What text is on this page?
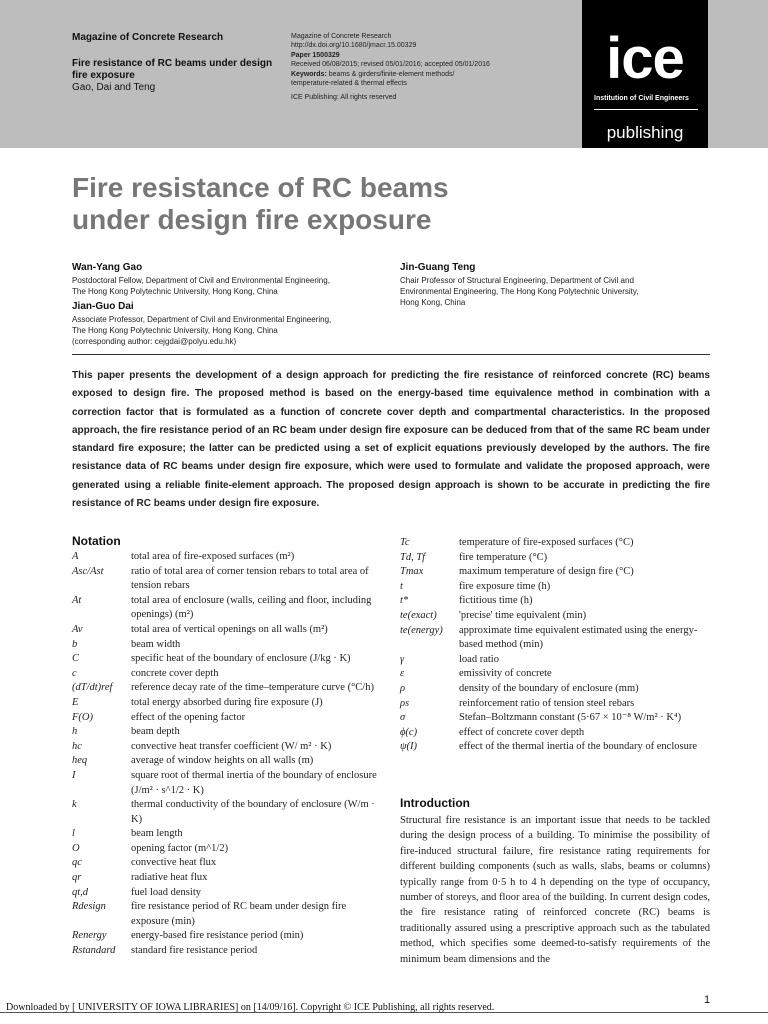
Magazine of Concrete Research
Fire resistance of RC beams under design
fire exposure
Gao, Dai and Teng
Magazine of Concrete Research
http://dx.doi.org/10.1680/jmacr.15.00329
Paper 1500329
Received 06/08/2015; revised 05/01/2016; accepted 05/01/2016
Keywords: beams & girders/finite-element methods/
temperature-related & thermal effects
ICE Publishing: All rights reserved
ice
Institution of Civil Engineers
publishing
Fire resistance of RC beams
under design fire exposure
Wan-Yang Gao
Postdoctoral Fellow, Department of Civil and Environmental Engineering,
The Hong Kong Polytechnic University, Hong Kong, China
Jian-Guo Dai
Associate Professor, Department of Civil and Environmental Engineering,
The Hong Kong Polytechnic University, Hong Kong, China
(corresponding author: cejgdai@polyu.edu.hk)
Jin-Guang Teng
Chair Professor of Structural Engineering, Department of Civil and
Environmental Engineering, The Hong Kong Polytechnic University,
Hong Kong, China
This paper presents the development of a design approach for predicting the fire resistance of reinforced concrete (RC) beams exposed to design fire. The proposed method is based on the energy-based time equivalence method in combination with a correction factor that is formulated as a function of concrete cover depth and compartmental characteristics. In the proposed approach, the fire resistance period of an RC beam under design fire exposure can be deduced from that of the same RC beam under standard fire exposure; the latter can be predicted using a set of explicit equations previously developed by the authors. The fire resistance data of RC beams under design fire exposure, which were used to formulate and validate the proposed approach, were generated using a reliable finite-element approach. The proposed design approach is shown to be accurate in predicting the fire resistance of RC beams under design fire exposure.
Notation
A	total area of fire-exposed surfaces (m²)
Asc/Ast	ratio of total area of corner tension rebars to total area of tension rebars
At	total area of enclosure (walls, ceiling and floor, including openings) (m²)
Av	total area of vertical openings on all walls (m²)
b	beam width
C	specific heat of the boundary of enclosure (J/kg · K)
c	concrete cover depth
(dT/dt)ref	reference decay rate of the time–temperature curve (°C/h)
E	total energy absorbed during fire exposure (J)
F(O)	effect of the opening factor
h	beam depth
hc	convective heat transfer coefficient (W/ m² · K)
heq	average of window heights on all walls (m)
I	square root of thermal inertia of the boundary of enclosure (J/m² · s^1/2 · K)
k	thermal conductivity of the boundary of enclosure (W/m · K)
l	beam length
O	opening factor (m^1/2)
qc	convective heat flux
qr	radiative heat flux
qt,d	fuel load density
Rdesign	fire resistance period of RC beam under design fire exposure (min)
Renergy	energy-based fire resistance period (min)
Rstandard	standard fire resistance period
Tc	temperature of fire-exposed surfaces (°C)
Td, Tf	fire temperature (°C)
Tmax	maximum temperature of design fire (°C)
t	fire exposure time (h)
t*	fictitious time (h)
te(exact)	'precise' time equivalent (min)
te(energy)	approximate time equivalent estimated using the energy-based method (min)
γ	load ratio
ε	emissivity of concrete
ρ	density of the boundary of enclosure (mm)
ρs	reinforcement ratio of tension steel rebars
σ	Stefan–Boltzmann constant (5·67 × 10⁻⁸ W/m² · K⁴)
ϕ(c)	effect of concrete cover depth
ψ(I)	effect of the thermal inertia of the boundary of enclosure
Introduction
Structural fire resistance is an important issue that needs to be tackled during the design process of a building. To minimise the possibility of fire-induced structural failure, fire resistance rating requirements for different building components (such as walls, slabs, beams or columns) typically range from 0·5 h to 4 h depending on the type of occupancy, number of storeys, and floor area of the building. In current design codes, the fire resistance rating of reinforced concrete (RC) beams is traditionally assured using a prescriptive approach such as the tabulated method, which specifies some deemed-to-satisfy requirements of the minimum beam dimensions and the
1
Downloaded by [ UNIVERSITY OF IOWA LIBRARIES] on [14/09/16]. Copyright © ICE Publishing, all rights reserved.
